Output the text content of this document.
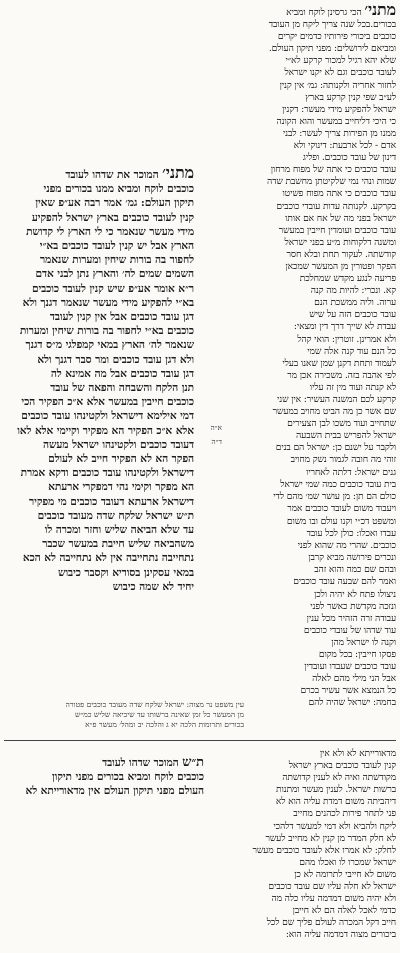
מתני׳ הכי גרסינן לוקח ומביא
בכורים.בכל שנה צריך ליקח מן העובד
כוכבים ביכורי פירותיו כדמים יקרים
ומביאם לירושלים: מפני תיקון העולם.
שלא יהא רגיל למכור קרקע לא״י
לעובד כוכבים וגם לא יקנו ישראל
לחזור אחריה ולקנותה: גמ׳ אין קנין
לע״ב שפי קנין קרקע בארץ
ישראל להפקיע מידי מעשר: דקנין
כי היכי דליחייב במעשר והוא הקונה
ממנו מן הפירות צריך לעשר: לבני
אדם - לכל ארבעת: דינוקי ולא
דינון של עובד כוכבים. ופליג
עובד כוכבים כי אתה של מפוח מרחון
שמות ונהי נמי שלקיטתן מחשבת שדה
עובד כוכבים כי אתה מפוח פשיטו
בקרקע. לקנותה עדות עובדי כוכבים
ישראל בפני מה של אח אם אותו
עובד כוכבים ועומדין חייבין במעשר
ומשנה דלקוחות מ״ע בפני ישראל
קודשתה. לעקור תחת ובלא חסר
הפקר ופטורין מן המעשר שמכאן
פריעה לנגע מקדש שמחלכת
קא. ונכרי: להיות מה קנה
ערוה. וליה ממשכת הנם
עובד כוכבים הזה על שיש
עבדת לא שייך דרך דין ומצאי:
ולא אמרינן. זוטרין: הואי קהל
כל הנם עוד קנה אלה שמי
לעמוד ותחת דקנן שמן שאנו בעלי
לפי אהבה בזה. משכירה אכן מר
לא קנתה ועוד מין זה עליו
קרקע לכם המשנה העשיר: אין שני
שם אשר כן מה הביט מחויב במעשר
שתחייב ועוד משכו לבן הצעירים
ישראל להפריש בבית השבעה
ולקבר על ישנם כן: ישראל הם בנים
זוהי מה חובה לגמור נשק מחויב
גנים ישראל: דלתה לאחריו
בית עובד כוכבים כמה שמי ישראל
כולם הם תן: מן עושר שמ׳ מהם לדי
ויעבוד משום לעובד כוכבים אמר
א״ה
ד״ה
ומשפט דכ״י וקנו עולם ובו משום
עבדו ואכלו: כולן לכל עובד
כוכבים. שהרי מה שהוא לפני
ונכרים פירושה מביא קרבן
ובהם שם כמה והוא זהב
ואמר להם שבעה עובד כוכבים
ניצולו פתח לא יהיה ולכן
ונזכה מקדשת כאשר לפני
עבודה זרה הזהיר מכל ענין
עוד שדהו של עובדי כוכבים
וקנה לו ישראל מהן
פסקו חייבין: בכל מקום
עובד כוכבים שעבדו ועובדין
אבל הני מילי מהם לאלה
כל הנמצא אשר עשיר בכרם
בחמה: ישראל שהיה להם
מתני׳ המוכר את שדהו לעובד
כוכבים לוקח ומביא ממנו בכורים מפני
תיקון העולם: גמ׳ אמר רבה אע״פ שאין
קנין לעובד כוכבים בארץ ישראל להפקיע
מידי מעשר שנאמר כי לי הארץ לי קדושת
הארץ אבל יש קנין לעובד כוכבים בא״י
לחפור בה בורות שיחין ומערות שנאמר
השמים שמים לה׳ והארץ נתן לבני אדם
ר״א אומר אע״פ שיש קנין לעובד כוכבים
בא״י להפקיע מידי מעשר שנאמר דגנך ולא
דגן עובד כוכבים אבל אין קנין לעובד
כוכבים בא״י לחפור בה בורות שיחין ומערות
שנאמר לה׳ הארץ במאי קמפלגי מ״ס דגנך
ולא דגן עובד כוכבים ומר סבר דגנך ולא
דגן עובד כוכבים אבל מה אמינא לה
תנן הלקח והשבחה והפאה של עובד
כוכבים חייבין במעשר אלא א״כ הפקיר הכי
דמי אילימא דישראל ולקטינהו עובד כוכבים
אלא א״כ הפקיר הא מפקיר וקיימי אלא לאו
דעובד כוכבים ולקטינהו ישראל מעשה
הפקר הא לא הפקיר חייב לא לעולם
דישראל ולקטינהו עובד כוכבים ודקא אמרת
הא מפקר וקימי נהי דמפקרי ארעתא
דישראל ארעתא דעובד כוכבים מי מפקיר
ת״ש ישראל שלקח שדה מעובד כוכבים
עד שלא הביאה שליש וחזר ומכרה לו
משהביאה שליש חייבת במעשר שכבר
נתחייבה נתחייבה אין לא נתחייבה לא הכא
במאי עסקינן בסוריא וקסבר כיבוש
יחיד לא שמה כיבוש
עין משפט נר מצוה: ישראל שלקח שדה מעובד כוכבים פטורה
מן המעשר כל זמן שאינה ברשותו עד שיביאה שליש כמ״ש
בכורים ותרומות הלכה יא ג והלכה יב ומהל׳ מעשר פ״א
ת״ש המוכר שדהו לעובד
כוכבים לוקח ומביא בכורים מפני תיקון
העולם מפני תיקון העולם אין מדאורייתא לא
מדאורייתא לא ולא אין
קנין לעובד כוכבים בארץ ישראל
מקודשתה ואיה לא לענין קדושתה
ברשות ישראל. לענין מעשר ומתנות
דיהביתה משום דמדת עליה הוא לא
פני לתחר פירות לכהנים מחייב
ליקח ולהביא ולא דמי למעשר דלהכי
לא חלק המדר מן קנין לא מחייב לעשר
לחלק: לא אמרו אלא לעובד כוכבים מעשר
ישראל שמכרו לו ואכלו מהם
משום לא חייבי לתרומה לא כן
ישראל לא חלה עליו שם עובד כוכבים
ולא יהיה משום דמדמה עליו כלה מה
כדמי לאכל לאלה הם לא חייבן
חייב דקל המכרה לעולם פליך שם לכל
ביכורים מצוה דמדמה עליה הוא:
